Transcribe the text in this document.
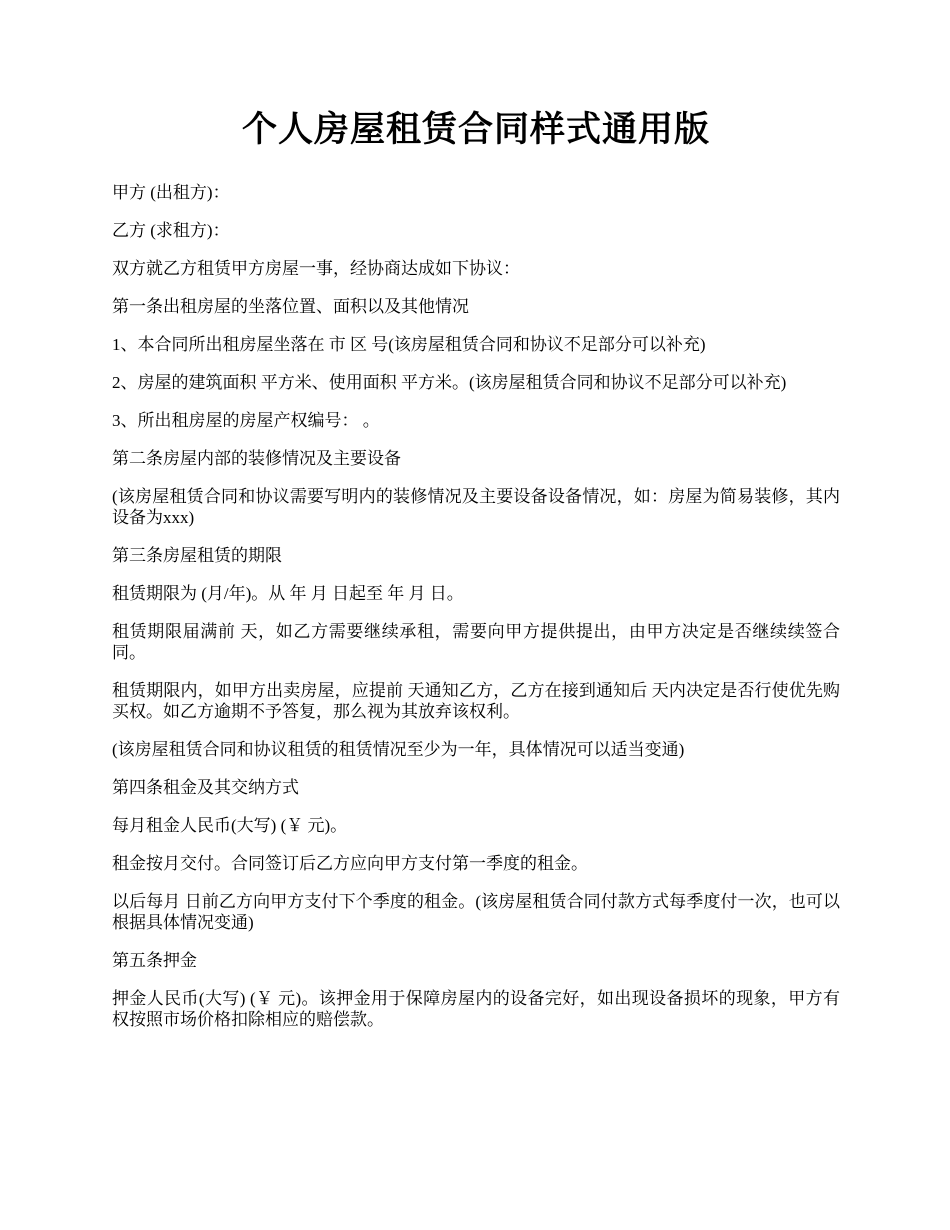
个人房屋租赁合同样式通用版

甲方 (出租方)：

乙方 (求租方)：

双方就乙方租赁甲方房屋一事，经协商达成如下协议：

第一条出租房屋的坐落位置、面积以及其他情况

1、本合同所出租房屋坐落在 市 区 号(该房屋租赁合同和协议不足部分可以补充)

2、房屋的建筑面积 平方米、使用面积 平方米。(该房屋租赁合同和协议不足部分可以补充)

3、所出租房屋的房屋产权编号： 。

第二条房屋内部的装修情况及主要设备

(该房屋租赁合同和协议需要写明内的装修情况及主要设备设备情况，如：房屋为简易装修，其内设备为xxx)

第三条房屋租赁的期限

租赁期限为 (月/年)。从 年 月 日起至 年 月 日。

租赁期限届满前 天，如乙方需要继续承租，需要向甲方提供提出，由甲方决定是否继续续签合同。

租赁期限内，如甲方出卖房屋，应提前 天通知乙方，乙方在接到通知后 天内决定是否行使优先购买权。如乙方逾期不予答复，那么视为其放弃该权利。

(该房屋租赁合同和协议租赁的租赁情况至少为一年，具体情况可以适当变通)

第四条租金及其交纳方式

每月租金人民币(大写) (￥ 元)。

租金按月交付。合同签订后乙方应向甲方支付第一季度的租金。

以后每月 日前乙方向甲方支付下个季度的租金。(该房屋租赁合同付款方式每季度付一次，也可以根据具体情况变通)

第五条押金

押金人民币(大写) (￥ 元)。该押金用于保障房屋内的设备完好，如出现设备损坏的现象，甲方有权按照市场价格扣除相应的赔偿款。
